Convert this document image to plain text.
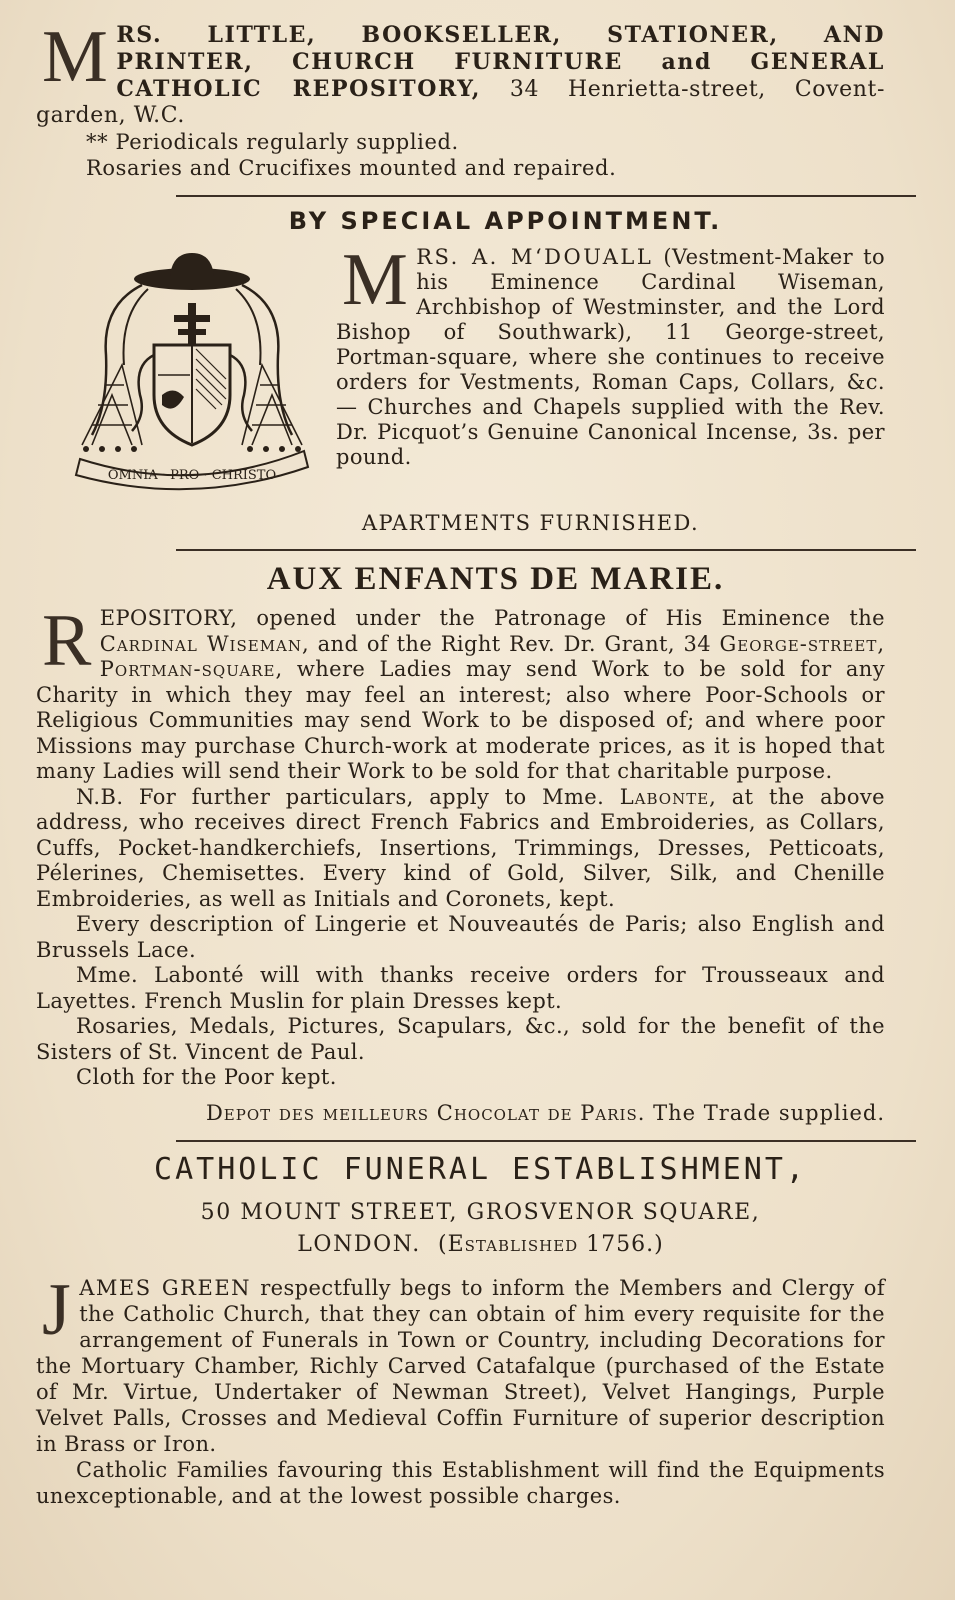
MRS. LITTLE, BOOKSELLER, STATIONER, AND PRINTER, CHURCH FURNITURE and GENERAL CATHOLIC REPOSITORY, 34 Henrietta-street, Covent-garden, W.C.

*⁡* Periodicals regularly supplied.
Rosaries and Crucifixes mounted and repaired.
BY SPECIAL APPOINTMENT.
OMNIA · PRO · CHRISTO

MRS. A. M‘DOUALL (Vestment-Maker to his Eminence Cardinal Wiseman, Archbishop of Westminster, and the Lord Bishop of Southwark), 11 George-street, Portman-square, where she continues to receive orders for Vestments, Roman Caps, Collars, &c. — Churches and Chapels supplied with the Rev. Dr. Picquot’s Genuine Canonical Incense, 3s. per pound.

APARTMENTS FURNISHED.
AUX ENFANTS DE MARIE.

REPOSITORY, opened under the Patronage of His Eminence the Cardinal Wiseman, and of the Right Rev. Dr. Grant, 34 George-street, Portman-square, where Ladies may send Work to be sold for any Charity in which they may feel an interest; also where Poor-Schools or Religious Communities may send Work to be disposed of; and where poor Missions may purchase Church-work at moderate prices, as it is hoped that many Ladies will send their Work to be sold for that charitable purpose.

N.B. For further particulars, apply to Mme. Labonte, at the above address, who receives direct French Fabrics and Embroideries, as Collars, Cuffs, Pocket-handkerchiefs, Insertions, Trimmings, Dresses, Petticoats, Pélerines, Chemisettes. Every kind of Gold, Silver, Silk, and Chenille Embroideries, as well as Initials and Coronets, kept.

Every description of Lingerie et Nouveautés de Paris; also English and Brussels Lace.

Mme. Labonté will with thanks receive orders for Trousseaux and Layettes. French Muslin for plain Dresses kept.

Rosaries, Medals, Pictures, Scapulars, &c., sold for the benefit of the Sisters of St. Vincent de Paul.

Cloth for the Poor kept.

Depot des meilleurs Chocolat de Paris. The Trade supplied.
CATHOLIC FUNERAL ESTABLISHMENT,
50 MOUNT STREET, GROSVENOR SQUARE,
LONDON. (Established 1756.)

JAMES GREEN respectfully begs to inform the Members and Clergy of the Catholic Church, that they can obtain of him every requisite for the arrangement of Funerals in Town or Country, including Decorations for the Mortuary Chamber, Richly Carved Catafalque (purchased of the Estate of Mr. Virtue, Undertaker of Newman Street), Velvet Hangings, Purple Velvet Palls, Crosses and Medieval Coffin Furniture of superior description in Brass or Iron.

Catholic Families favouring this Establishment will find the Equipments unexceptionable, and at the lowest possible charges.
